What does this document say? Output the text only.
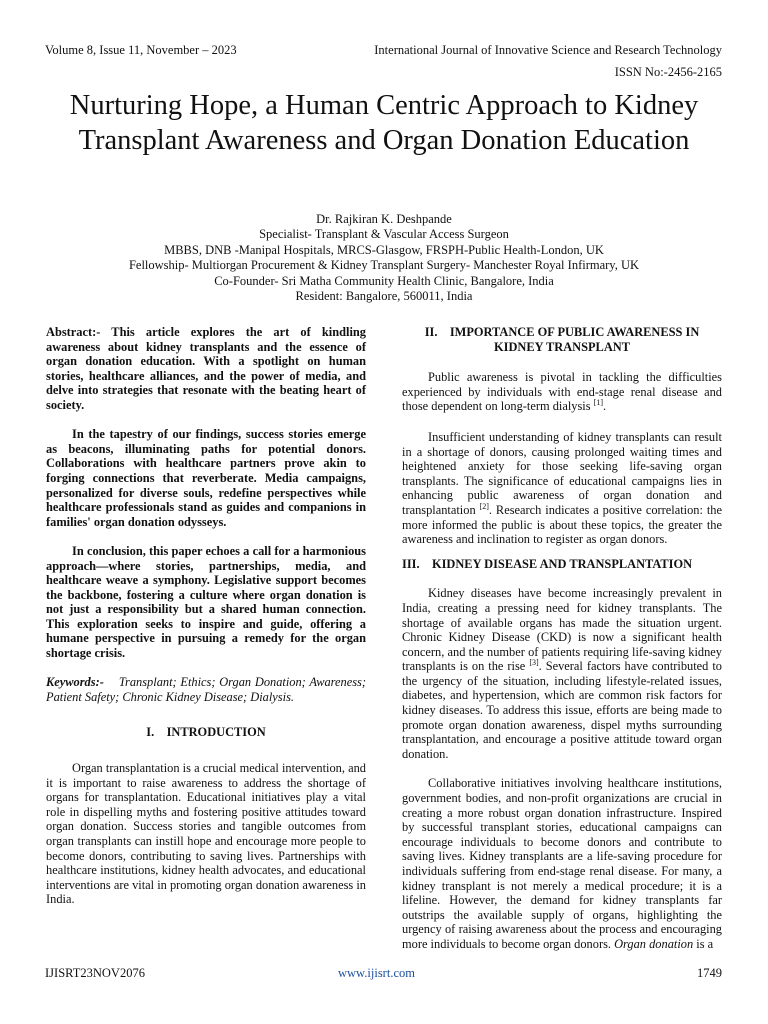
Volume 8, Issue 11, November – 2023	International Journal of Innovative Science and Research Technology
ISSN No:-2456-2165
Nurturing Hope, a Human Centric Approach to Kidney Transplant Awareness and Organ Donation Education
Dr. Rajkiran K. Deshpande
Specialist- Transplant & Vascular Access Surgeon
MBBS, DNB -Manipal Hospitals, MRCS-Glasgow, FRSPH-Public Health-London, UK
Fellowship- Multiorgan Procurement & Kidney Transplant Surgery- Manchester Royal Infirmary, UK
Co-Founder- Sri Matha Community Health Clinic, Bangalore, India
Resident: Bangalore, 560011, India

Abstract:- This article explores the art of kindling awareness about kidney transplants and the essence of organ donation education. With a spotlight on human stories, healthcare alliances, and the power of media, and delve into strategies that resonate with the beating heart of society.

In the tapestry of our findings, success stories emerge as beacons, illuminating paths for potential donors. Collaborations with healthcare partners prove akin to forging connections that reverberate. Media campaigns, personalized for diverse souls, redefine perspectives while healthcare professionals stand as guides and companions in families' organ donation odysseys.

In conclusion, this paper echoes a call for a harmonious approach—where stories, partnerships, media, and healthcare weave a symphony. Legislative support becomes the backbone, fostering a culture where organ donation is not just a responsibility but a shared human connection. This exploration seeks to inspire and guide, offering a humane perspective in pursuing a remedy for the organ shortage crisis.

Keywords:- Transplant; Ethics; Organ Donation; Awareness; Patient Safety; Chronic Kidney Disease; Dialysis.

I.    INTRODUCTION

Organ transplantation is a crucial medical intervention, and it is important to raise awareness to address the shortage of organs for transplantation. Educational initiatives play a vital role in dispelling myths and fostering positive attitudes toward organ donation. Success stories and tangible outcomes from organ transplants can instill hope and encourage more people to become donors, contributing to saving lives. Partnerships with healthcare institutions, kidney health advocates, and educational interventions are vital in promoting organ donation awareness in India.

II.    IMPORTANCE OF PUBLIC AWARENESS IN

KIDNEY TRANSPLANT

Public awareness is pivotal in tackling the difficulties experienced by individuals with end-stage renal disease and those dependent on long-term dialysis [1].

Insufficient understanding of kidney transplants can result in a shortage of donors, causing prolonged waiting times and heightened anxiety for those seeking life-saving organ transplants. The significance of educational campaigns lies in enhancing public awareness of organ donation and transplantation [2]. Research indicates a positive correlation: the more informed the public is about these topics, the greater the awareness and inclination to register as organ donors.

III.    KIDNEY DISEASE AND TRANSPLANTATION

Kidney diseases have become increasingly prevalent in India, creating a pressing need for kidney transplants. The shortage of available organs has made the situation urgent. Chronic Kidney Disease (CKD) is now a significant health concern, and the number of patients requiring life-saving kidney transplants is on the rise [3]. Several factors have contributed to the urgency of the situation, including lifestyle-related issues, diabetes, and hypertension, which are common risk factors for kidney diseases. To address this issue, efforts are being made to promote organ donation awareness, dispel myths surrounding transplantation, and encourage a positive attitude toward organ donation.

Collaborative initiatives involving healthcare institutions, government bodies, and non-profit organizations are crucial in creating a more robust organ donation infrastructure. Inspired by successful transplant stories, educational campaigns can encourage individuals to become donors and contribute to saving lives. Kidney transplants are a life-saving procedure for individuals suffering from end-stage renal disease. For many, a kidney transplant is not merely a medical procedure; it is a lifeline. However, the demand for kidney transplants far outstrips the available supply of organs, highlighting the urgency of raising awareness about the process and encouraging more individuals to become organ donors. Organ donation is a

IJISRT23NOV2076	www.ijisrt.com	1749
